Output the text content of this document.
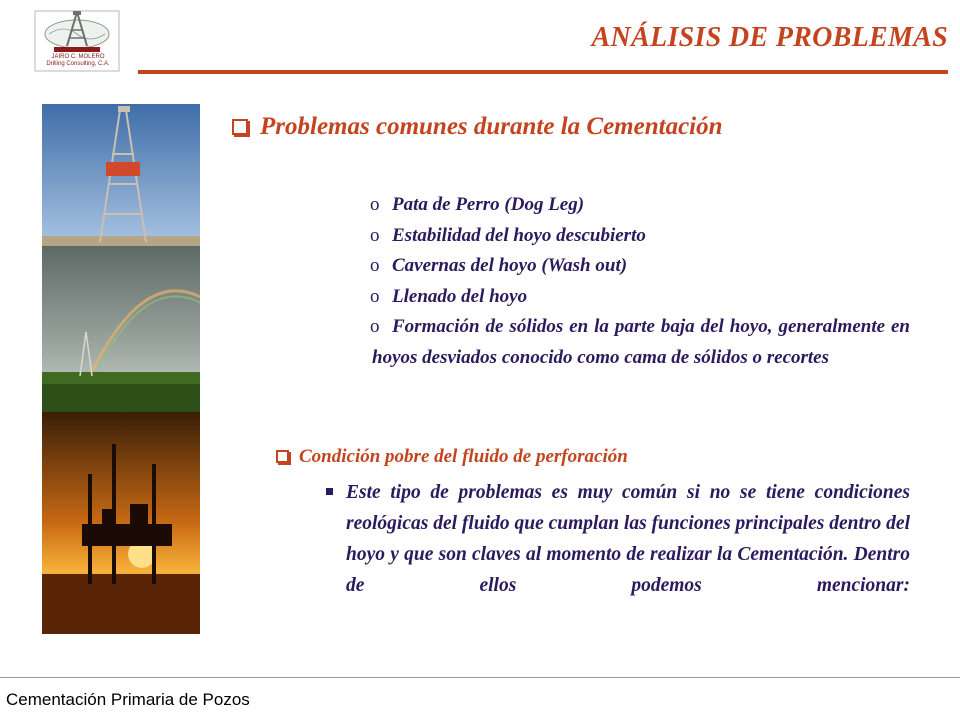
JAIRO C. MOLERO
Drilling Consulting, C.A.
ANÁLISIS DE PROBLEMAS
Problemas comunes durante la Cementación
o Pata de Perro (Dog Leg)
o Estabilidad del hoyo descubierto
o Cavernas del hoyo (Wash out)
o Llenado del hoyo
o Formación de sólidos en la parte baja del hoyo, generalmente en hoyos desviados conocido como cama de sólidos o recortes
Condición pobre del fluido de perforación
Este tipo de problemas es muy común si no se tiene condiciones reológicas del fluido que cumplan las funciones principales dentro del hoyo y que son claves al momento de realizar la Cementación. Dentro de ellos podemos mencionar:
Cementación Primaria de Pozos
